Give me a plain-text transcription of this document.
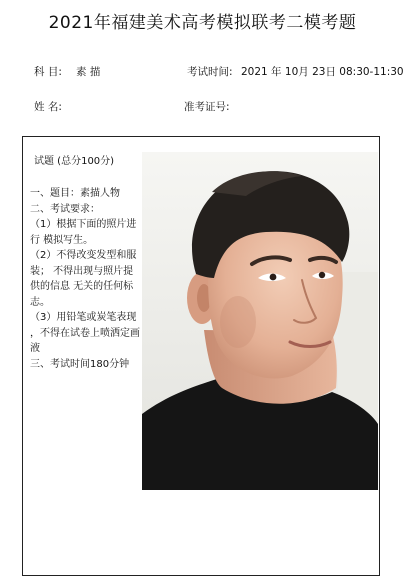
2021年福建美术高考模拟联考二模考题
科 目: 素 描	考试时间: 2021 年 10月 23日 08:30-11:30
姓 名:	准考证号:
试题 (总分100分)

一、题目：素描人物

二、考试要求：

（1）根据下面的照片进行 模拟写生。

（2）不得改变发型和服装； 不得出现与照片提供的信息 无关的任何标志。

（3）用铅笔或炭笔表现 ，不得在试卷上喷洒定画液

三、考试时间180分钟
